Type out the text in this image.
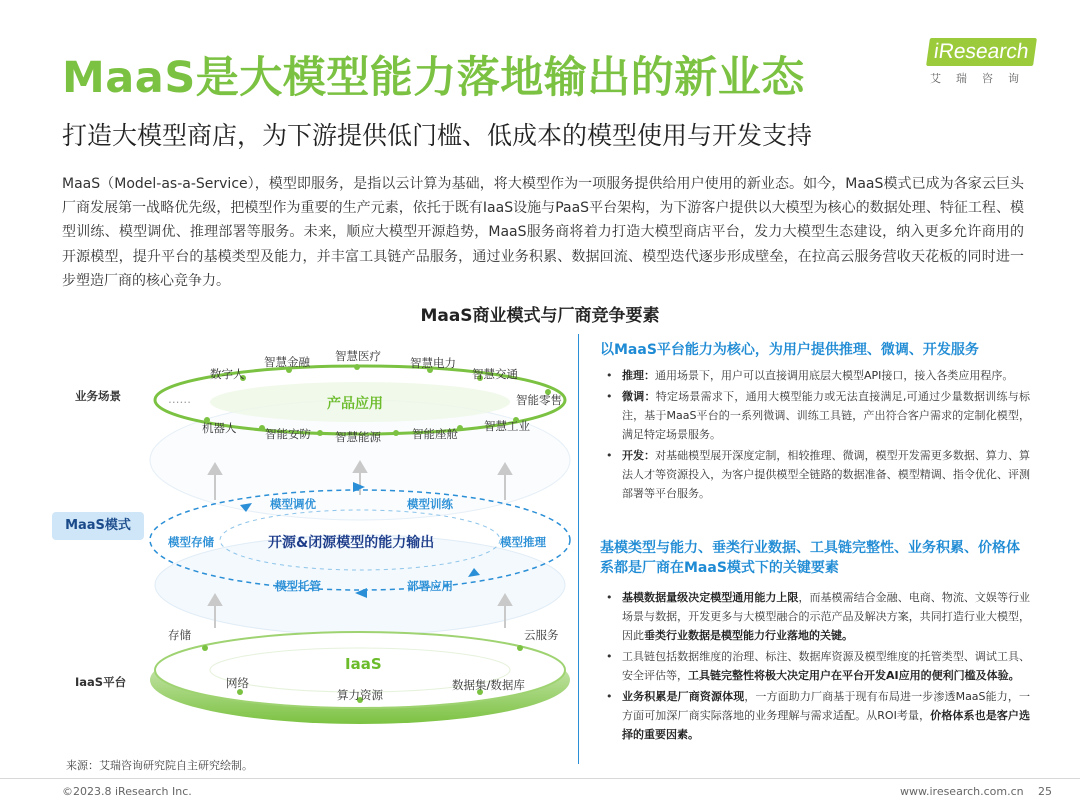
MaaS是大模型能力落地输出的新业态
iResearch
艾瑞咨询
打造大模型商店，为下游提供低门槛、低成本的模型使用与开发支持
MaaS（Model-as-a-Service），模型即服务，是指以云计算为基础，将大模型作为一项服务提供给用户使用的新业态。如今，MaaS模式已成为各家云巨头厂商发展第一战略优先级，把模型作为重要的生产元素，依托于既有IaaS设施与PaaS平台架构，为下游客户提供以大模型为核心的数据处理、特征工程、模型训练、模型调优、推理部署等服务。未来，顺应大模型开源趋势，MaaS服务商将着力打造大模型商店平台，发力大模型生态建设，纳入更多允许商用的开源模型，提升平台的基模类型及能力，并丰富工具链产品服务，通过业务积累、数据回流、模型迭代逐步形成壁垒，在拉高云服务营收天花板的同时进一步塑造厂商的核心竞争力。
MaaS商业模式与厂商竞争要素
业务场景
MaaS模式
IaaS平台
产品应用
数字人
智慧金融 智慧医疗	智慧电力
智慧交通
智能零售
机器人 智能安防 智慧能源	智能座舱
智慧工业
……
开源&闭源模型的能力输出
模型调优	模型训练
模型存储	模型推理
模型托管	部署应用
IaaS
存储	云服务
网络
算力资源
数据集/数据库
以MaaS平台能力为核心，为用户提供推理、微调、开发服务
• 推理：通用场景下，用户可以直接调用底层大模型API接口，接入各类应用程序。
• 微调：特定场景需求下，通用大模型能力或无法直接满足,可通过少量数据训练与标注，基于MaaS平台的一系列微调、训练工具链，产出符合客户需求的定制化模型，满足特定场景服务。
• 开发：对基础模型展开深度定制，相较推理、微调，模型开发需更多数据、算力、算法人才等资源投入，为客户提供模型全链路的数据准备、模型精调、指令优化、评测部署等平台服务。
基模类型与能力、垂类行业数据、工具链完整性、业务积累、价格体系都是厂商在MaaS模式下的关键要素
• 基模数据量级决定模型通用能力上限，而基模需结合金融、电商、物流、文娱等行业场景与数据，开发更多与大模型融合的示范产品及解决方案，共同打造行业大模型，因此垂类行业数据是模型能力行业落地的关键。
• 工具链包括数据维度的治理、标注、数据库资源及模型维度的托管类型、调试工具、安全评估等，工具链完整性将极大决定用户在平台开发AI应用的便利门槛及体验。
• 业务积累是厂商资源体现，一方面助力厂商基于现有布局进一步渗透MaaS能力，一方面可加深厂商实际落地的业务理解与需求适配。从ROI考量，价格体系也是客户选择的重要因素。
来源：艾瑞咨询研究院自主研究绘制。
©2023.8 iResearch Inc.	www.iresearch.com.cn 25
